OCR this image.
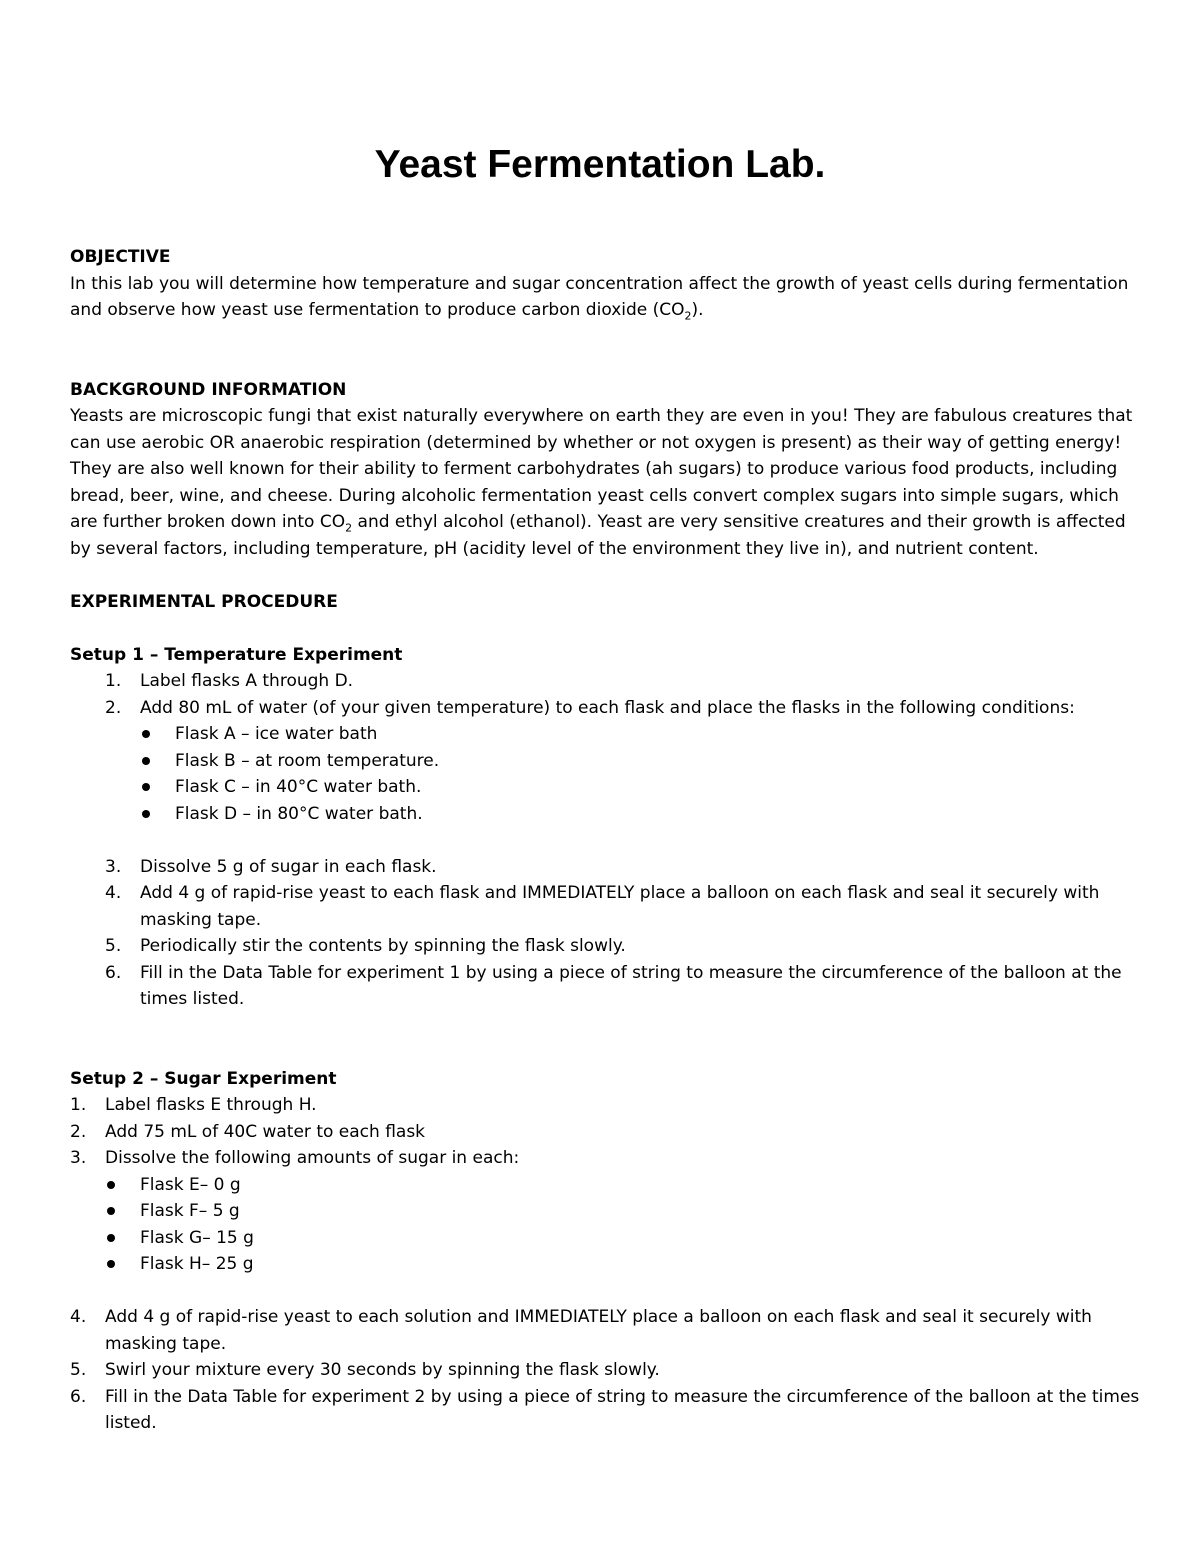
Yeast Fermentation Lab.

OBJECTIVE

In this lab you will determine how temperature and sugar concentration affect the growth of yeast cells during fermentation and observe how yeast use fermentation to produce carbon dioxide $(CO_2)$.

BACKGROUND INFORMATION

Yeasts are microscopic fungi that exist naturally everywhere on earth they are even in you! They are fabulous creatures that can use aerobic OR anaerobic respiration (determined by whether or not oxygen is present) as their way of getting energy! They are also well known for their ability to ferment carbohydrates (ah sugars) to produce various food products, including bread, beer, wine, and cheese. During alcoholic fermentation yeast cells convert complex sugars into simple sugars, which are further broken down into $CO_2$ and ethyl alcohol (ethanol). Yeast are very sensitive creatures and their growth is affected by several factors, including temperature, pH (acidity level of the environment they live in), and nutrient content.

EXPERIMENTAL PROCEDURE

Setup 1 – Temperature Experiment

1. Label flasks A through D.
2. Add 80 mL of water (of your given temperature) to each flask and place the flasks in the following conditions:
Flask A – ice water bath
Flask B – at room temperature.
Flask C – in 40°C water bath.
Flask D – in 80°C water bath.
3. Dissolve 5 g of sugar in each flask.
4. Add 4 g of rapid-rise yeast to each flask and IMMEDIATELY place a balloon on each flask and seal it securely with masking tape.
5. Periodically stir the contents by spinning the flask slowly.
6. Fill in the Data Table for experiment 1 by using a piece of string to measure the circumference of the balloon at the times listed.

Setup 2 – Sugar Experiment

1. Label flasks E through H.
2. Add 75 mL of 40C water to each flask
3. Dissolve the following amounts of sugar in each:
Flask E– 0 g
Flask F– 5 g
Flask G– 15 g
Flask H– 25 g
4. Add 4 g of rapid-rise yeast to each solution and IMMEDIATELY place a balloon on each flask and seal it securely with masking tape.
5. Swirl your mixture every 30 seconds by spinning the flask slowly.
6. Fill in the Data Table for experiment 2 by using a piece of string to measure the circumference of the balloon at the times listed.
